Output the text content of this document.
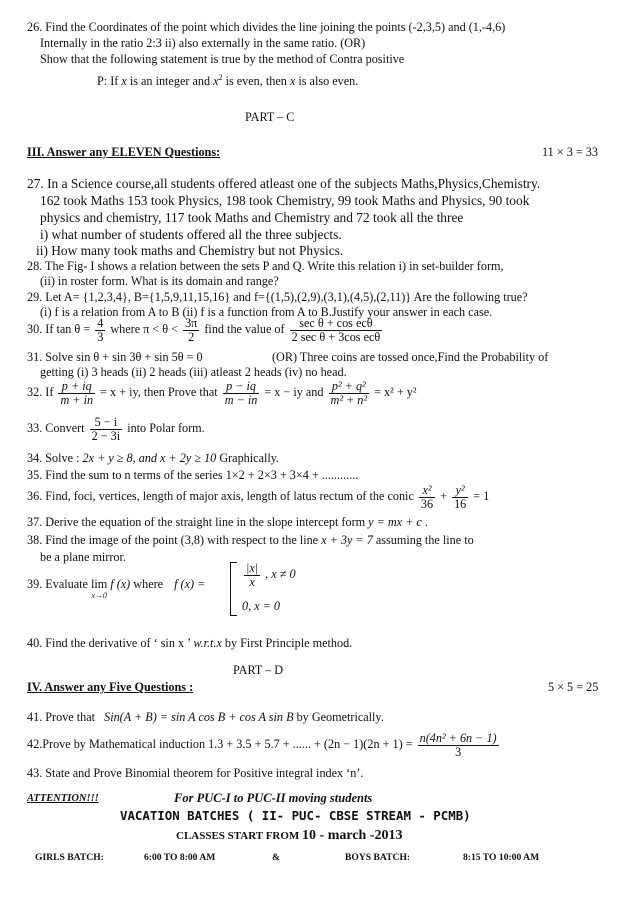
26. Find the Coordinates of the point which divides the line joining the points (-2,3,5) and (1,-4,6)
Internally in the ratio 2:3 ii) also externally in the same ratio. (OR)
Show that the following statement is true by the method of Contra positive
P: If x is an integer and $x^2$ is even, then x is also even.
PART – C
III. Answer any ELEVEN Questions:	11 × 3 = 33
27. In a Science course,all students offered atleast one of the subjects Maths,Physics,Chemistry.
162 took Maths 153 took Physics, 198 took Chemistry, 99 took Maths and Physics, 90 took
physics and chemistry, 117 took Maths and Chemistry and 72 took all the three
i) what number of students offered all the three subjects.
ii) How many took maths and Chemistry but not Physics.
28. The Fig- I shows a relation between the sets P and Q. Write this relation i) in set-builder form,
(ii) in roster form. What is its domain and range?
29. Let A= {1,2,3,4}, B={1,5,9,11,15,16} and f={(1,5),(2,9),(3,1),(4,5),(2,11)} Are the following true?
(i) f is a relation from A to B (ii) f is a function from A to B.Justify your answer in each case.
30. If $\tan \theta = \frac{4}{3}$ where $\pi < \theta < \frac{3\pi}{2}$ find the value of $\frac{\text{sec θ + cos ecθ}}{\text{2 sec θ + 3cos ecθ}}$
31. Solve sin θ + sin 3θ + sin 5θ = 0	(OR) Three coins are tossed once,Find the Probability of
getting (i) 3 heads (ii) 2 heads (iii) atleast 2 heads (iv) no head.
32. If $\frac{p + iq}{m + in} = x$ + iy, then Prove that $\frac{p - iq}{m - in} = x$ − iy and $\frac{\text{p² + q²}}{\text{m² + n²}} = x^2 + y^2$
33. Convert $\frac{5 - i}{2 - 3i}$ into Polar form.
34. Solve : 2x + y ≥ 8, and x + 2y ≥ 10 Graphically.
35. Find the sum to n terms of the series 1×2 + 2×3 + 3×4 + ............
36. Find, foci, vertices, length of major axis, length of latus rectum of the conic $\frac{\text{x²}}{36} + \frac{\text{y²}}{16} = 1$
37. Derive the equation of the straight line in the slope intercept form y = mx + c .
38. Find the image of the point (3,8) with respect to the line x + 3y = 7 assuming the line to
be a plane mirror.
39. Evaluate lim
x→0
f (x) where f (x) =	$\frac{|x|}{x}$ , x ≠ 0
0, x = 0
40. Find the derivative of ‘ sin x ’ w.r.t.x by First Principle method.
PART – D
IV. Answer any Five Questions :	5 × 5 = 25
41. Prove that Sin(A + B) = sin A cos B + cos A sin B by Geometrically.
42.Prove by Mathematical induction 1.3 + 3.5 + 5.7 + ...... + $(2n - 1)(2n + 1) = \frac{\text{n(4n² + 6n − 1)}}{3}$
43. State and Prove Binomial theorem for Positive integral index ‘n’.
ATTENTION!!!	For PUC-I to PUC-II moving students
VACATION BATCHES ( II- PUC- CBSE STREAM - PCMB)
CLASSES START FROM 10 - march -2013
GIRLS BATCH:	6:00 TO 8:00 AM	&	BOYS BATCH:	8:15 TO 10:00 AM
